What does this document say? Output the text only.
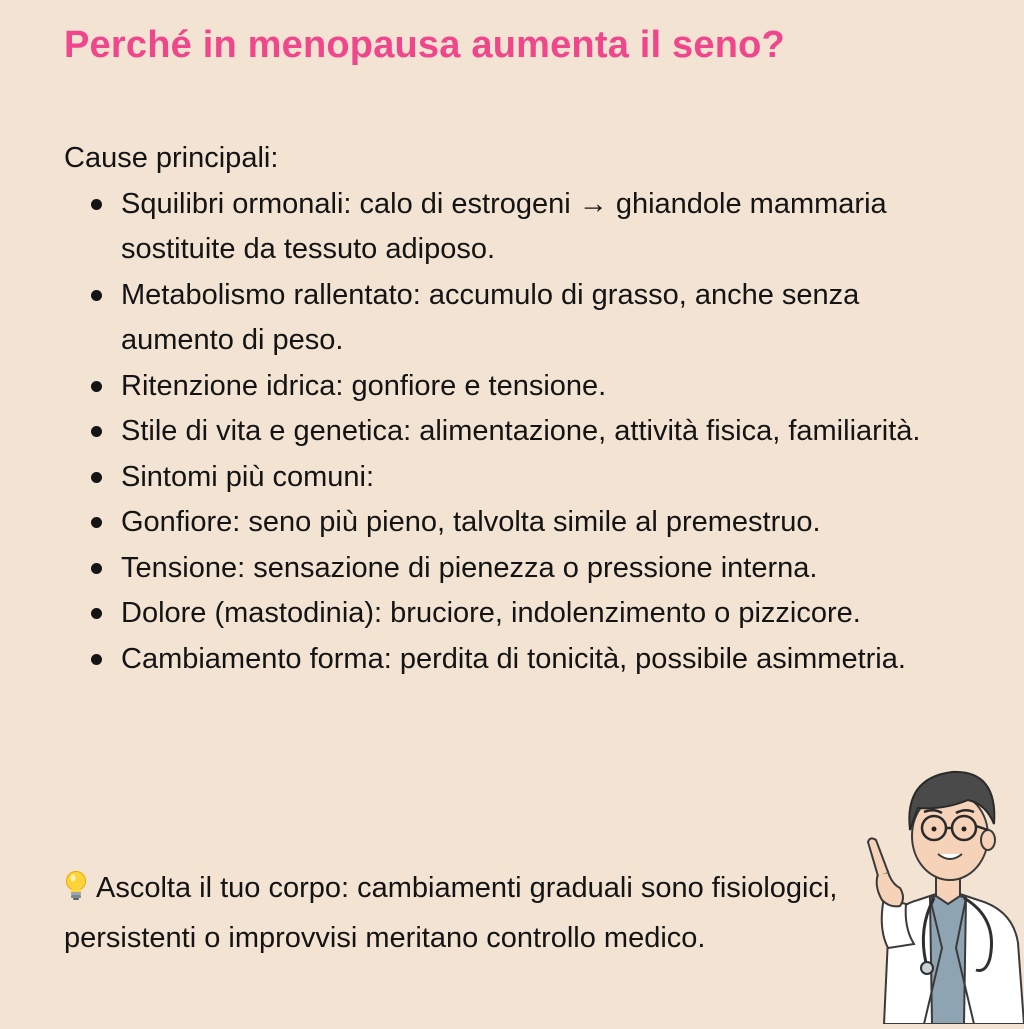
Perché in menopausa aumenta il seno?

Cause principali:

Squilibri ormonali: calo di estrogeni → ghiandole mammaria sostituite da tessuto adiposo.
Metabolismo rallentato: accumulo di grasso, anche senza aumento di peso.
Ritenzione idrica: gonfiore e tensione.
Stile di vita e genetica: alimentazione, attività fisica, familiarità.
Sintomi più comuni:
Gonfiore: seno più pieno, talvolta simile al premestruo.
Tensione: sensazione di pienezza o pressione interna.
Dolore (mastodinia): bruciore, indolenzimento o pizzicore.
Cambiamento forma: perdita di tonicità, possibile asimmetria.

Ascolta il tuo corpo: cambiamenti graduali sono fisiologici, persistenti o improvvisi meritano controllo medico.
